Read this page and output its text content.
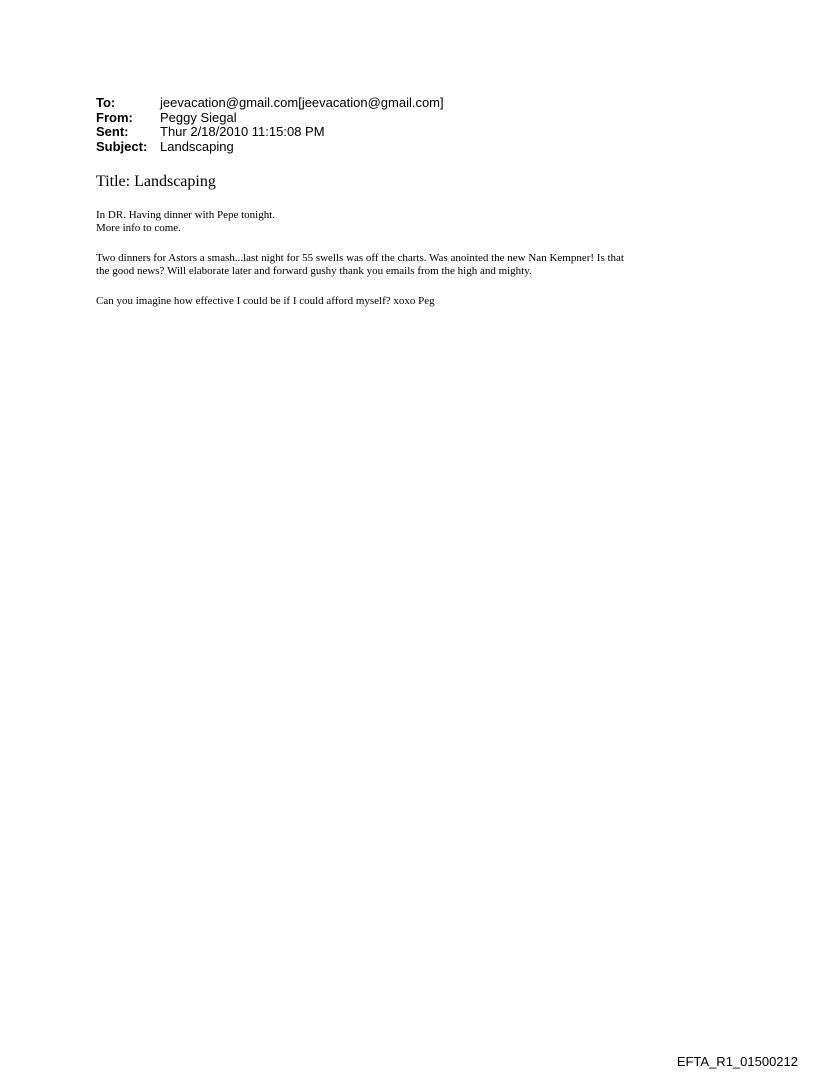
To:	jeevacation@gmail.com[jeevacation@gmail.com]
From:	Peggy Siegal
Sent:	Thur 2/18/2010 11:15:08 PM
Subject: Landscaping
Title: Landscaping
In DR. Having dinner with Pepe tonight.
More info to come.
Two dinners for Astors a smash...last night for 55 swells was off the charts. Was anointed the new Nan Kempner! Is that
the good news? Will elaborate later and forward gushy thank you emails from the high and mighty.
Can you imagine how effective I could be if I could afford myself? xoxo Peg
EFTA_R1_01500212
